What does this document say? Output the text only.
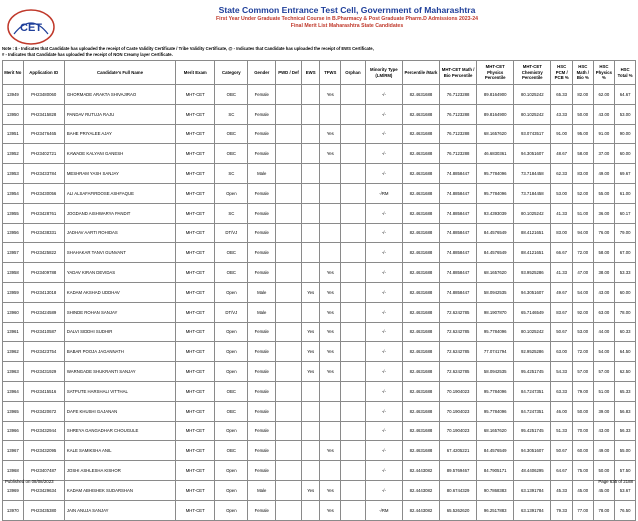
CET
State Common Entrance Test Cell, Government of Maharashtra
First Year Under Graduate Technical Course in B.Pharmacy & Post Graduate Pharm.D Admissions 2023-24
Final Merit List Maharashtra State Candidates
Note : $ - Indicates that Candidate has uploaded the receipt of Caste Validity Certificate / Tribe Validity Certificate, @ - Indicates that Candidate has uploaded the receipt of EWS Certificate,
# - Indicates that Candidate has uploaded the receipt of NON Creamy layer Certificate.
Merit No	Application ID	Candidate's Full Name	Merit Exam	Category	Gender	PWD / Def	EWS	TFWS	Orphan	Minority Type (LM/RM)	Percentile /Mark	MHT-CET Math / Bio Percentile	MHT-CET Physics Percentile	MHT-CET Chemistry Percentile	HSC PCM / PCB %	HSC Math / Bio %	HSC Physics %	HSC Total %
13949	PH23480060	GHORMADE ARAKTA SHIVAJIRAO	MHT-CET	OBC	Female			Yes		-/-	82.4631688	76.7123288	89.8164900	80.1025242	65.33	82.00	62.00	64.67
13950	PH23415828	PANDAV RUTUJA RAJU	MHT-CET	SC	Female					-/-	82.4631688	76.7123288	89.8164900	80.1025242	43.33	50.00	43.00	53.00
13951	PH23476465	BAHE PRIYALEE AJAY	MHT-CET	OBC	Female			Yes		-/-	82.4631688	76.7123288	68.1657620	93.0743517	91.00	95.00	91.00	90.00
13952	PH23402721	KAWADE KALYANI GANESH	MHT-CET	OBC	Female			Yes		-/-	82.4631688	76.7123288	46.6830361	94.3051607	48.67	58.00	37.00	60.00
13953	PH23433784	MESHRAM YASH SANJAY	MHT-CET	SC	Male					-/-	82.4631688	74.8858447	95.7784096	73.7184458	62.33	83.00	49.00	69.67
13954	PH23430056	ALI ALSAFAFIRDOSE ASHFAQUE	MHT-CET	Open	Female					-/RM	82.4631688	74.8858447	95.7784096	73.7184458	53.00	52.00	55.00	61.00
13955	PH23428761	JOGDAND AISHWARYA PANDIT	MHT-CET	SC	Female					-/-	82.4631688	74.8858447	93.4393039	80.1025242	41.33	51.00	36.00	60.17
13956	PH23438331	JADHAV AARTI ROHIDAS	MHT-CET	DT/VJ	Female					-/-	82.4631688	74.8858447	84.4576549	88.4121651	83.00	94.00	76.00	79.00
13957	PH23425822	SHAHAKAR TANVI GUNVANT	MHT-CET	OBC	Female					-/-	82.4631688	74.8858447	84.4576549	88.4121651	66.67	72.00	58.00	67.00
13958	PH23409788	YADAV KIRAN DEVIDAS	MHT-CET	OBC	Female			Yes		-/-	82.4631688	74.8858447	68.1657620	93.9525286	41.33	47.00	38.00	53.33
13959	PH23413018	KADAM AKSHAD UDDHAV	MHT-CET	Open	Male		Yes	Yes		-/-	82.4631688	74.8858447	58.0942535	94.3051607	49.67	54.00	43.00	60.00
13960	PH23424589	SHINDE ROHAN SANJAY	MHT-CET	DT/VJ	Male			Yes		-/-	82.4631688	72.6242785	98.1907870	65.7146549	83.67	92.00	63.00	78.00
13961	PH23410587	DALVI SIDDHI SUDHIR	MHT-CET	Open	Female		Yes	Yes		-/-	82.4631688	72.6242785	95.7784096	80.1025242	50.67	53.00	44.00	60.33
13962	PH23423754	BABAR POOJA JAGANNATH	MHT-CET	Open	Female		Yes	Yes		-/-	82.4631688	72.6242785	77.0741794	92.9525286	63.00	72.00	54.00	64.50
13963	PH23431929	WARNGADE SHUKRANTI SANJAY	MHT-CET	Open	Female		Yes	Yes		-/-	82.4631688	72.6242785	58.0942535	95.4251745	54.33	57.00	57.00	62.50
13964	PH23415516	SATPUTE HARSHALI VITTHAL	MHT-CET	OBC	Female					-/-	82.4631688	70.1904023	95.7784096	84.7247351	63.33	79.00	51.00	65.33
13965	PH23420672	DAFE KHUSHI GAJANAN	MHT-CET	OBC	Female					-/-	82.4631688	70.1904023	95.7784096	84.7247351	46.00	50.00	39.00	56.83
13966	PH23432944	SHREYA GANGADHAR CHOUGULE	MHT-CET	Open	Female					-/-	82.4631688	70.1904023	68.1657620	95.4251745	51.33	70.00	43.00	56.33
13967	PH23432095	KALE SAMIKSHA ANIL	MHT-CET	OBC	Female			Yes		-/-	82.4631688	67.4205221	84.4576549	94.3051607	50.67	60.00	49.00	55.00
13968	PH23407487	JOSHI ASHLESHA KISHOR	MHT-CET	Open	Female					-/-	82.4443082	89.5769467	84.7905171	48.4406295	64.67	75.00	50.00	57.50
13969	PH23429634	KADAM ABHISHEK SUDARSHAN	MHT-CET	Open	Male		Yes	Yes		-/-	82.4443082	80.6744329	90.7868383	63.1391784	45.33	45.00	45.00	53.67
13970	PH23435380	JAIN ANUJA SANJAY	MHT-CET	Open	Female			Yes		-/RM	82.4443082	65.5262620	96.2517883	63.1391784	79.33	77.00	78.00	76.50
Published on 08/08/2023	Page 635 of 2188
